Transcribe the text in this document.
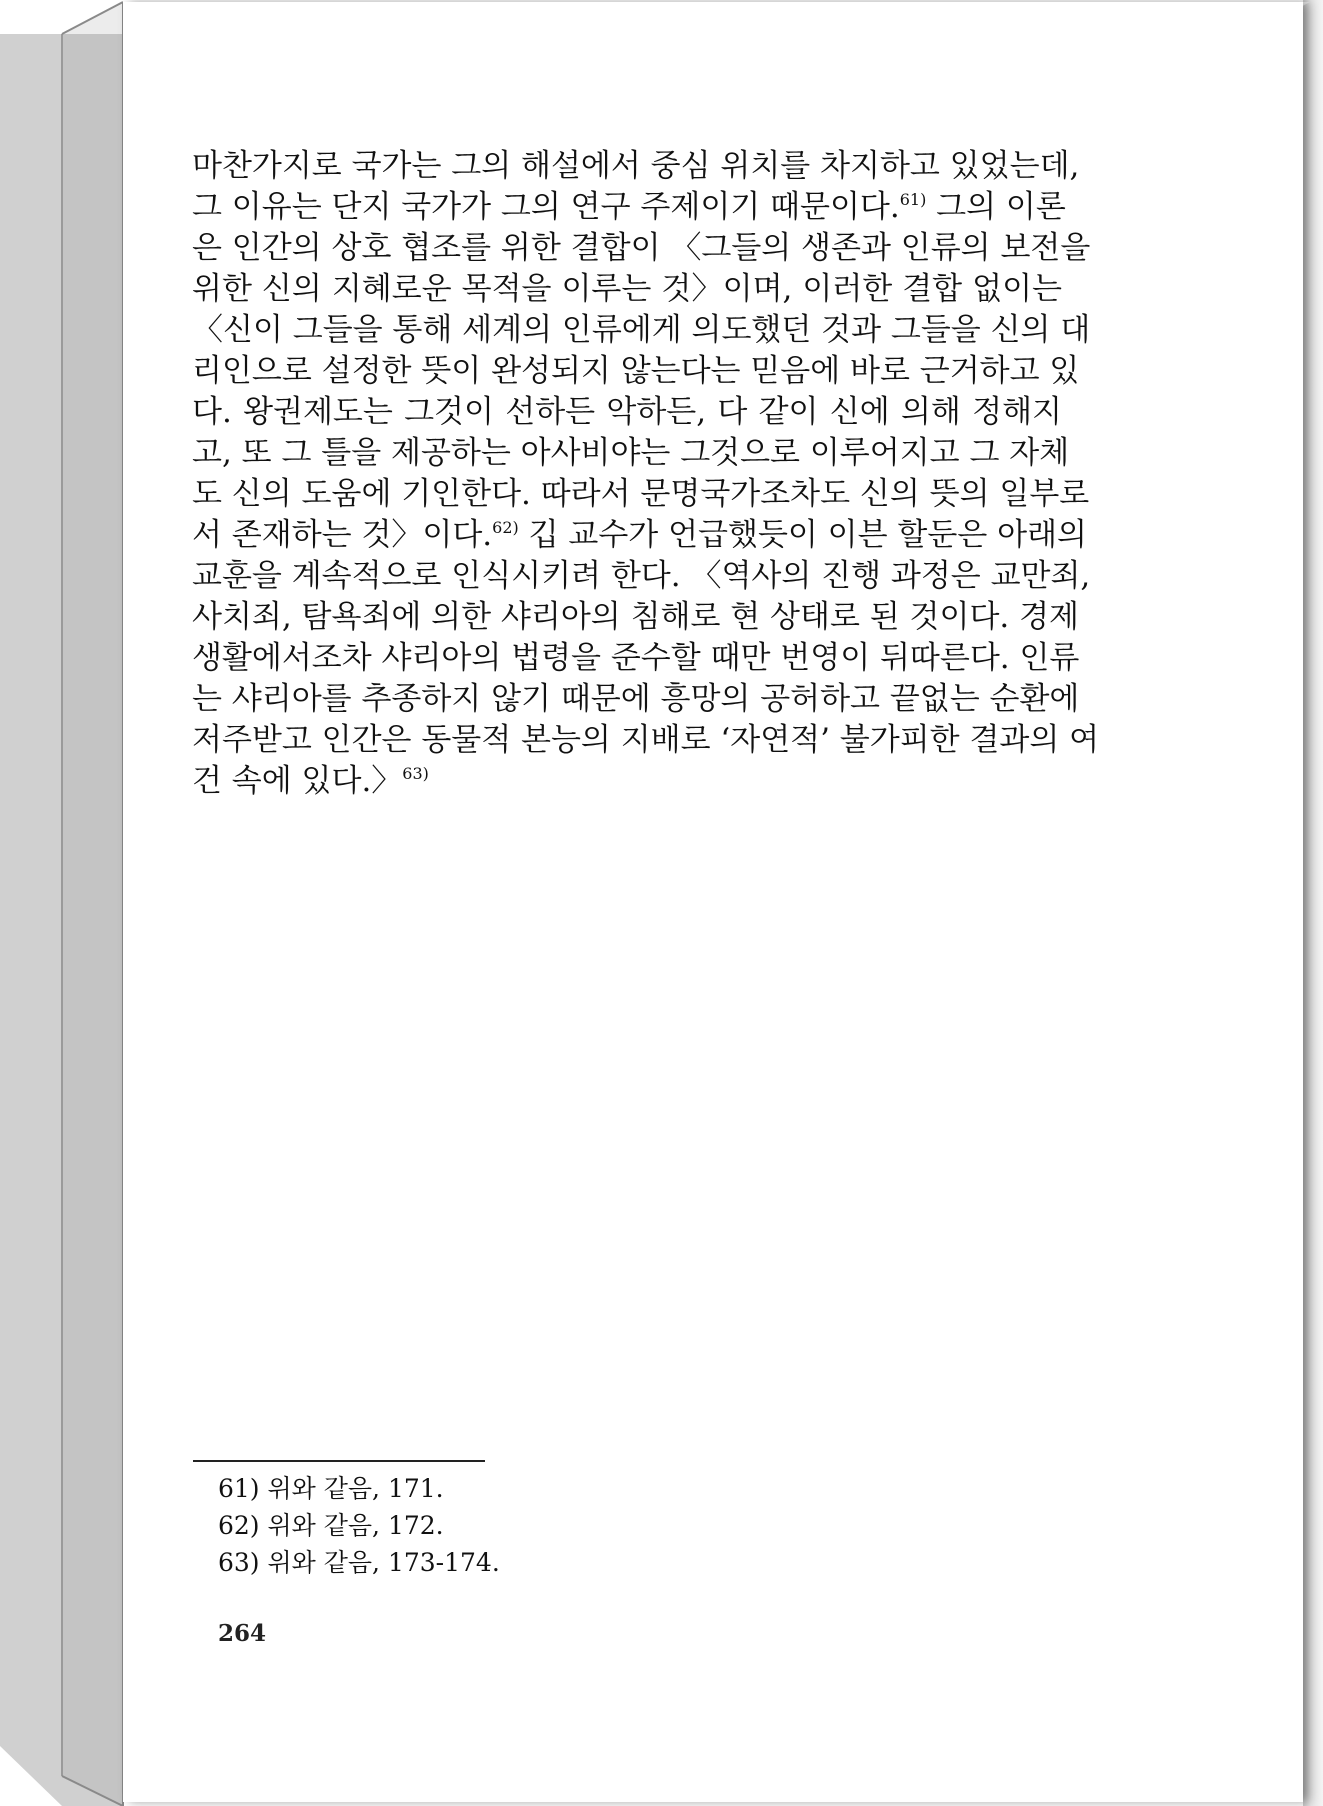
마찬가지로 국가는 그의 해설에서 중심 위치를 차지하고 있었는데,
그 이유는 단지 국가가 그의 연구 주제이기 때문이다.$^{61)}$ 그의 이론
은 인간의 상호 협조를 위한 결합이 〈그들의 생존과 인류의 보전을
위한 신의 지혜로운 목적을 이루는 것〉이며, 이러한 결합 없이는
〈신이 그들을 통해 세계의 인류에게 의도했던 것과 그들을 신의 대
리인으로 설정한 뜻이 완성되지 않는다는 믿음에 바로 근거하고 있
다. 왕권제도는 그것이 선하든 악하든, 다 같이 신에 의해 정해지
고, 또 그 틀을 제공하는 아사비야는 그것으로 이루어지고 그 자체
도 신의 도움에 기인한다. 따라서 문명국가조차도 신의 뜻의 일부로
서 존재하는 것〉이다.$^{62)}$ 깁 교수가 언급했듯이 이븐 할둔은 아래의
교훈을 계속적으로 인식시키려 한다. 〈역사의 진행 과정은 교만죄,
사치죄, 탐욕죄에 의한 샤리아의 침해로 현 상태로 된 것이다. 경제
생활에서조차 샤리아의 법령을 준수할 때만 번영이 뒤따른다. 인류
는 샤리아를 추종하지 않기 때문에 흥망의 공허하고 끝없는 순환에
저주받고 인간은 동물적 본능의 지배로 ‘자연적’ 불가피한 결과의 여
건 속에 있다.〉$^{63)}$
61) 위와 같음, 171.
62) 위와 같음, 172.
63) 위와 같음, 173-174.
264
